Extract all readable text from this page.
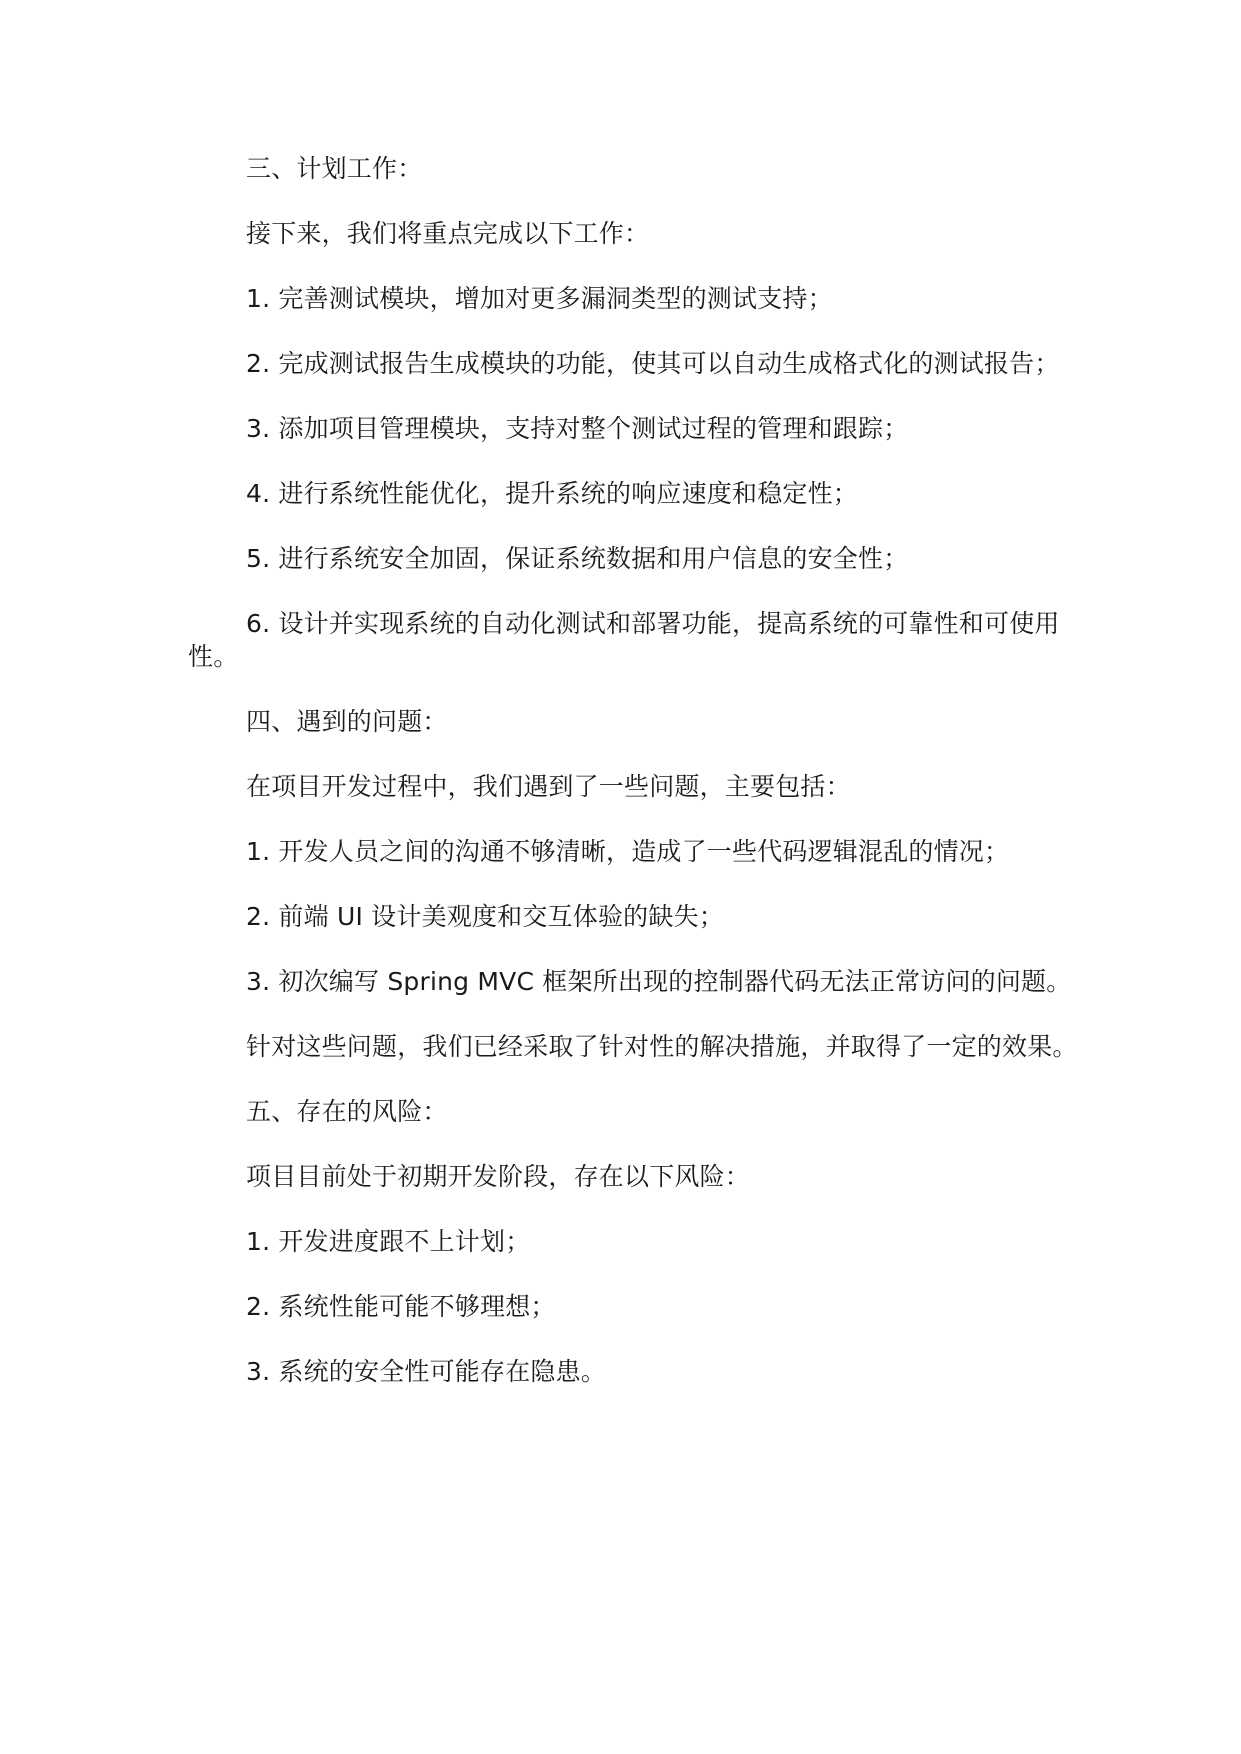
三、计划工作：

接下来，我们将重点完成以下工作：

1. 完善测试模块，增加对更多漏洞类型的测试支持；

2. 完成测试报告生成模块的功能，使其可以自动生成格式化的测试报告；

3. 添加项目管理模块，支持对整个测试过程的管理和跟踪；

4. 进行系统性能优化，提升系统的响应速度和稳定性；

5. 进行系统安全加固，保证系统数据和用户信息的安全性；

6. 设计并实现系统的自动化测试和部署功能，提高系统的可靠性和可使用性。

四、遇到的问题：

在项目开发过程中，我们遇到了一些问题，主要包括：

1. 开发人员之间的沟通不够清晰，造成了一些代码逻辑混乱的情况；

2. 前端 UI 设计美观度和交互体验的缺失；

3. 初次编写 Spring MVC 框架所出现的控制器代码无法正常访问的问题。

针对这些问题，我们已经采取了针对性的解决措施，并取得了一定的效果。

五、存在的风险：

项目目前处于初期开发阶段，存在以下风险：

1. 开发进度跟不上计划；

2. 系统性能可能不够理想；

3. 系统的安全性可能存在隐患。
